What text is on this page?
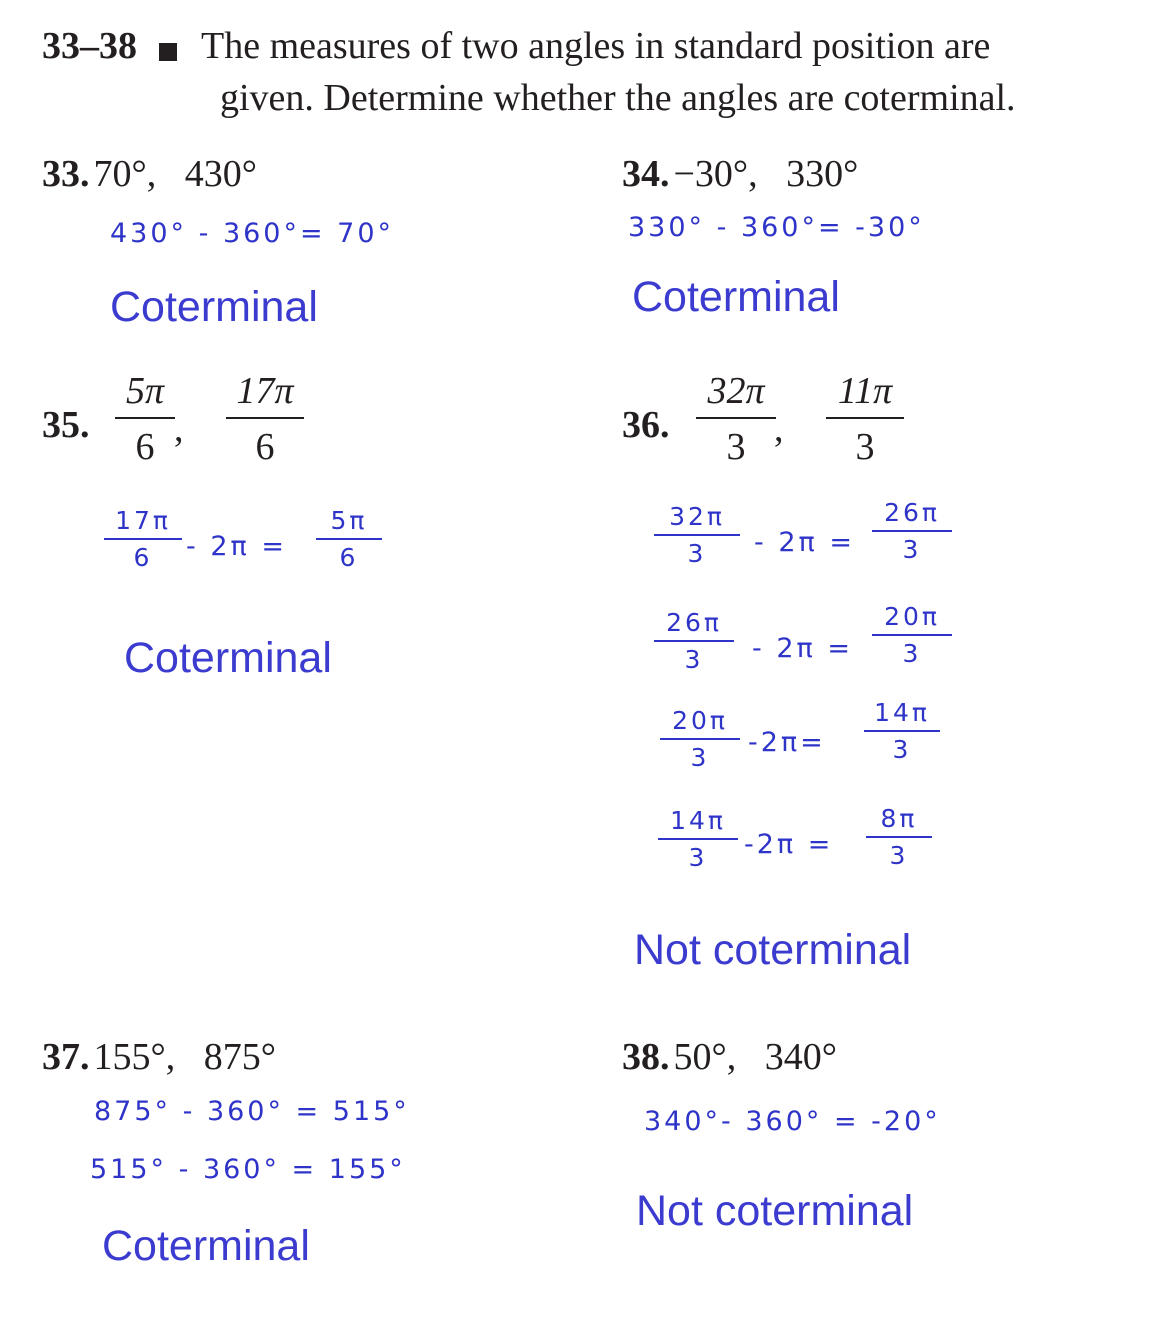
33–38 The measures of two angles in standard position are
given. Determine whether the angles are coterminal.
33. 70°,   430°
430° - 360°= 70°
Coterminal
34. −30°,   330°
330° - 360°= -30°
Coterminal
35.
5π
6 ,
17π
6
17π
6	- 2π =
5π
6
Coterminal
36.
32π
3 ,
11π
3
32π
3	- 2π =
26π
3
26π
3	- 2π =
20π
3
20π
3	-2π=
14π
3
14π
3	-2π =
8π
3
Not coterminal
37. 155°,   875°
875° - 360° = 515°
515° - 360° = 155°
Coterminal
38. 50°,   340°
340°- 360° = -20°
Not coterminal
